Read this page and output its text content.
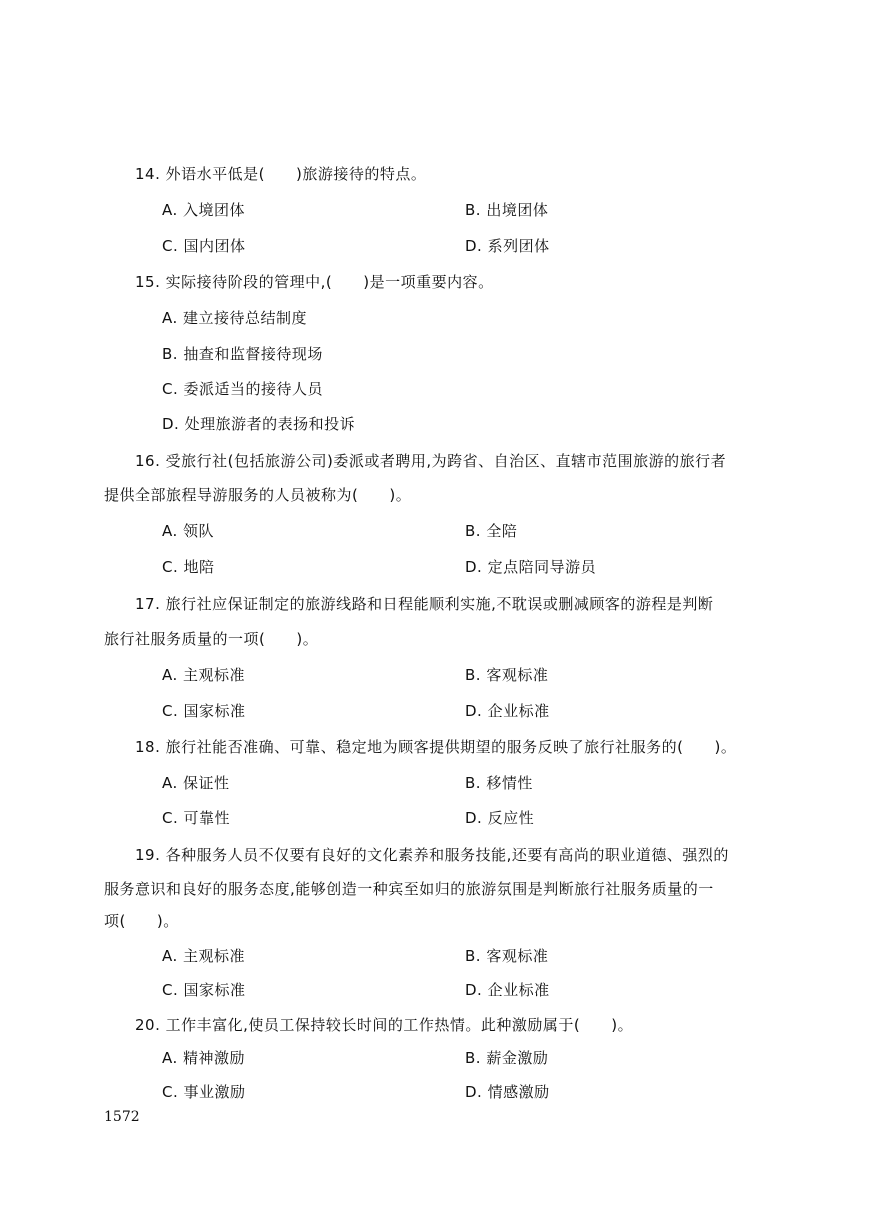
14. 外语水平低是(　　)旅游接待的特点。
A. 入境团体	B. 出境团体
C. 国内团体	D. 系列团体
15. 实际接待阶段的管理中,(　　)是一项重要内容。
A. 建立接待总结制度
B. 抽查和监督接待现场
C. 委派适当的接待人员
D. 处理旅游者的表扬和投诉
16. 受旅行社(包括旅游公司)委派或者聘用,为跨省、自治区、直辖市范围旅游的旅行者
提供全部旅程导游服务的人员被称为(　　)。
A. 领队	B. 全陪
C. 地陪	D. 定点陪同导游员
17. 旅行社应保证制定的旅游线路和日程能顺利实施,不耽误或删减顾客的游程是判断
旅行社服务质量的一项(　　)。
A. 主观标准	B. 客观标准
C. 国家标准	D. 企业标准
18. 旅行社能否准确、可靠、稳定地为顾客提供期望的服务反映了旅行社服务的(　　)。
A. 保证性	B. 移情性
C. 可靠性	D. 反应性
19. 各种服务人员不仅要有良好的文化素养和服务技能,还要有高尚的职业道德、强烈的
服务意识和良好的服务态度,能够创造一种宾至如归的旅游氛围是判断旅行社服务质量的一
项(　　)。
A. 主观标准	B. 客观标准
C. 国家标准	D. 企业标准
20. 工作丰富化,使员工保持较长时间的工作热情。此种激励属于(　　)。
A. 精神激励	B. 薪金激励
C. 事业激励	D. 情感激励
1572
